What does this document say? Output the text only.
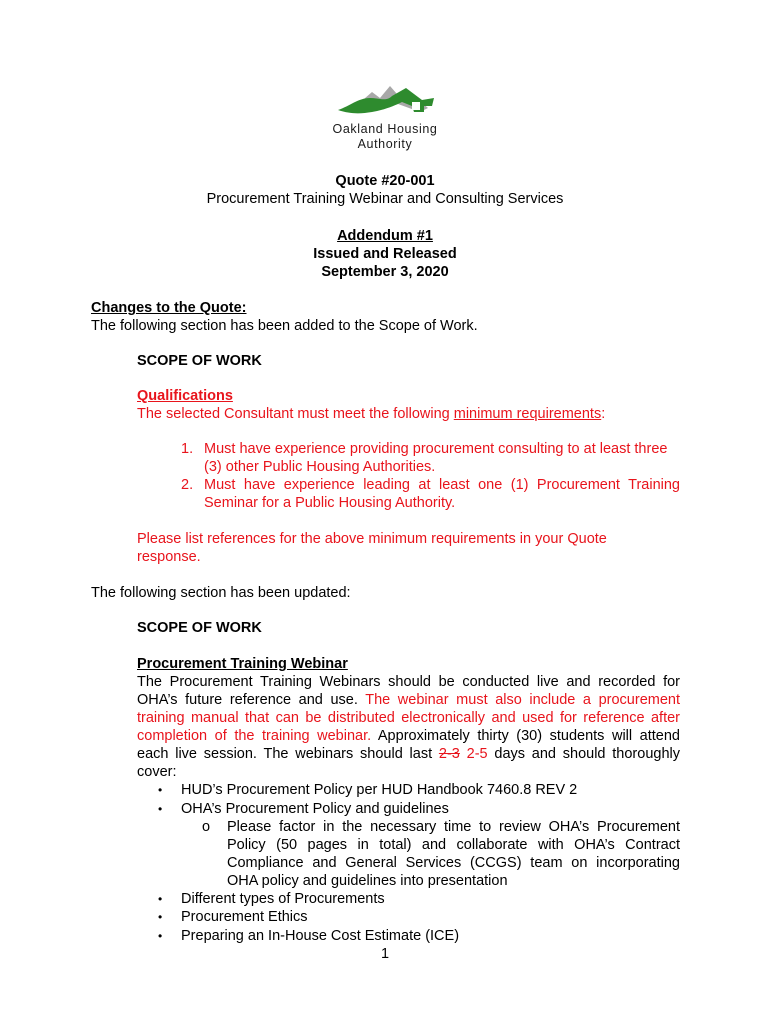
Oakland Housing
Authority
Quote #20-001
Procurement Training Webinar and Consulting Services
Addendum #1
Issued and Released
September 3, 2020
Changes to the Quote:
The following section has been added to the Scope of Work.
SCOPE OF WORK
Qualifications
The selected Consultant must meet the following minimum requirements:
1. Must have experience providing procurement consulting to at least three
(3) other Public Housing Authorities.
2. Must have experience leading at least one (1) Procurement Training
Seminar for a Public Housing Authority.
Please list references for the above minimum requirements in your Quote
response.
The following section has been updated:
SCOPE OF WORK
Procurement Training Webinar
The Procurement Training Webinars should be conducted live and recorded for
OHA’s future reference and use. The webinar must also include a procurement
training manual that can be distributed electronically and used for reference after
completion of the training webinar. Approximately thirty (30) students will attend
each live session. The webinars should last 2-3 2-5 days and should thoroughly
cover:
• HUD’s Procurement Policy per HUD Handbook 7460.8 REV 2
• OHA’s Procurement Policy and guidelines
o Please factor in the necessary time to review OHA’s Procurement
Policy (50 pages in total) and collaborate with OHA’s Contract
Compliance and General Services (CCGS) team on incorporating
OHA policy and guidelines into presentation
• Different types of Procurements
• Procurement Ethics
• Preparing an In-House Cost Estimate (ICE)
1
